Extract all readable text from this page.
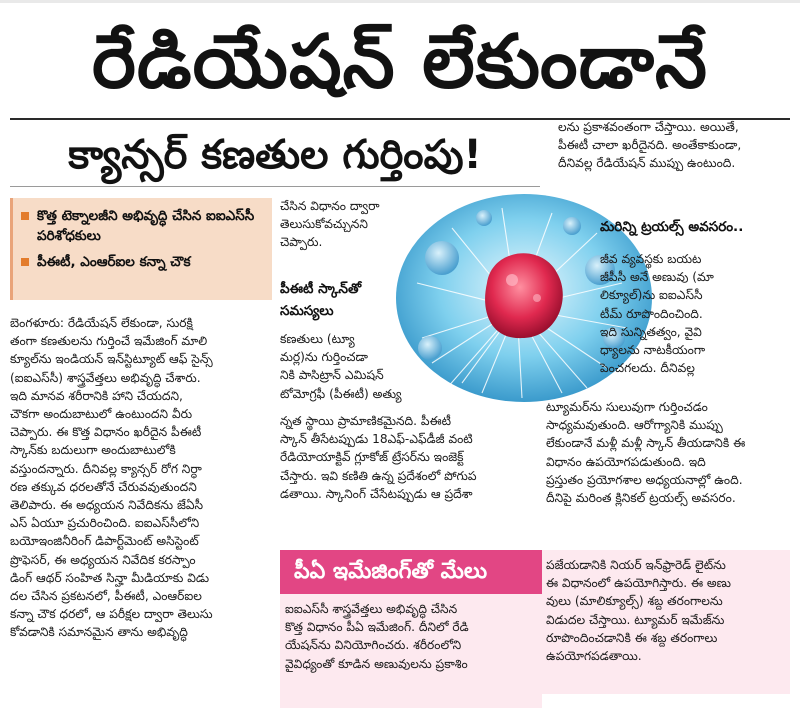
రేడియేషన్ లేకుండానే
క్యాన్సర్ కణతుల గుర్తింపు!

లను ప్రకాశవంతంగా చేస్తాయి. అయితే,

పీఈటీ చాలా ఖరీదైనది. అంతేకాకుండా,

దీనివల్ల రేడియేషన్ ముప్పు ఉంటుంది.

కొత్త టెక్నాలజీని అభివృద్ధి చేసిన ఐఐఎస్‌సీ పరిశోధకులు
పీఈటీ, ఎంఆర్ఐల కన్నా చౌక

చేసిన విధానం ద్వారా

తెలుసుకోవచ్చునని

చెప్పారు.

పీఈటీ స్కాన్‌తో
సమస్యలు

కణతులు (ట్యూ

మర్ల)ను గుర్తించడా

నికి పాసిట్రాన్ ఎమిషన్

టోమోగ్రఫీ (పీఈటీ) అత్యు

మరిన్ని ట్రయల్స్ అవసరం..

జీవ వ్యవస్థకు బయట

జీపీసీ అనే అణువు (మా

లిక్యూల్)ను ఐఐఎస్‌సీ

టీమ్ రూపొందించింది.

ఇది సున్నితత్వం, వైవి

ధ్యాలను నాటకీయంగా

పెంచగలదు. దీనివల్ల

ట్యూమర్‌ను సులువుగా గుర్తించడం

సాధ్యమవుతుంది. ఆరోగ్యానికి ముప్పు

లేకుండానే మళ్లీ మళ్లీ స్కాన్ తీయడానికి ఈ

విధానం ఉపయోగపడుతుంది. ఇది

ప్రస్తుతం ప్రయోగశాల అధ్యయనాల్లో ఉంది.

దీనిపై మరింత క్లినికల్ ట్రయల్స్ అవసరం.

బెంగళూరు: రేడియేషన్ లేకుండా, సురక్షి

తంగా కణతులను గుర్తించే ఇమేజింగ్ మాలి

క్యూల్‌ను ఇండియన్ ఇన్‌స్టిట్యూట్ ఆఫ్ సైన్స్

(ఐఐఎస్‌సీ) శాస్త్రవేత్తలు అభివృద్ధి చేశారు.

ఇది మానవ శరీరానికి హాని చేయదని,

చౌకగా అందుబాటులో ఉంటుందని వీరు

చెప్పారు. ఈ కొత్త విధానం ఖరీదైన పీఈటీ

స్కాన్‌కు బదులుగా అందుబాటులోకి

వస్తుందన్నారు. దీనివల్ల క్యాన్సర్ రోగ నిర్ధా

రణ తక్కువ ధరలతోనే చేరువవుతుందని

తెలిపారు. ఈ అధ్యయన నివేదికను జేఏసీ

ఎస్ ఏయూ ప్రచురించింది. ఐఐఎస్‌సీలోని

బయోఇంజినీరింగ్ డిపార్ట్‌మెంట్ అసిస్టెంట్

ప్రొఫెసర్, ఈ అధ్యయన నివేదిక కరస్పాం

డింగ్ ఆథర్ సంహిత సిన్హా మీడియాకు విడు

దల చేసిన ప్రకటనలో, పీఈటీ, ఎంఆర్ఐల

కన్నా చౌక ధరలో, ఆ పరీక్షల ద్వారా తెలుసు

కోవడానికి సమానమైన తాను అభివృద్ధి

న్నత స్థాయి ప్రామాణికమైనది. పీఈటీ

స్కాన్ తీసేటప్పుడు 18ఎఫ్-ఎఫ్‌డీజీ వంటి

రేడియోయాక్టివ్ గ్లూకోజ్ ట్రేసర్‌ను ఇంజెక్ట్

చేస్తారు. ఇవి కణితి ఉన్న ప్రదేశంలో పోగుప

డతాయి. స్కానింగ్ చేసేటప్పుడు ఆ ప్రదేశా

పీఏ ఇమేజింగ్‌తో మేలు

ఐఐఎస్‌సీ శాస్త్రవేత్తలు అభివృద్ధి చేసిన

కొత్త విధానం పీఏ ఇమేజింగ్. దీనిలో రేడి

యేషన్‌ను వినియోగించరు. శరీరంలోని

వైవిధ్యంతో కూడిన అణువులను ప్రకాశిం

పజేయడానికి నియర్ ఇన్‌ఫ్రారెడ్ లైట్‌ను

ఈ విధానంలో ఉపయోగిస్తారు. ఈ అణు

వులు (మాలిక్యూల్స్) శబ్ద తరంగాలను

విడుదల చేస్తాయి. ట్యూమర్ ఇమేజ్‌ను

రూపొందించడానికి ఈ శబ్ద తరంగాలు

ఉపయోగపడతాయి.
